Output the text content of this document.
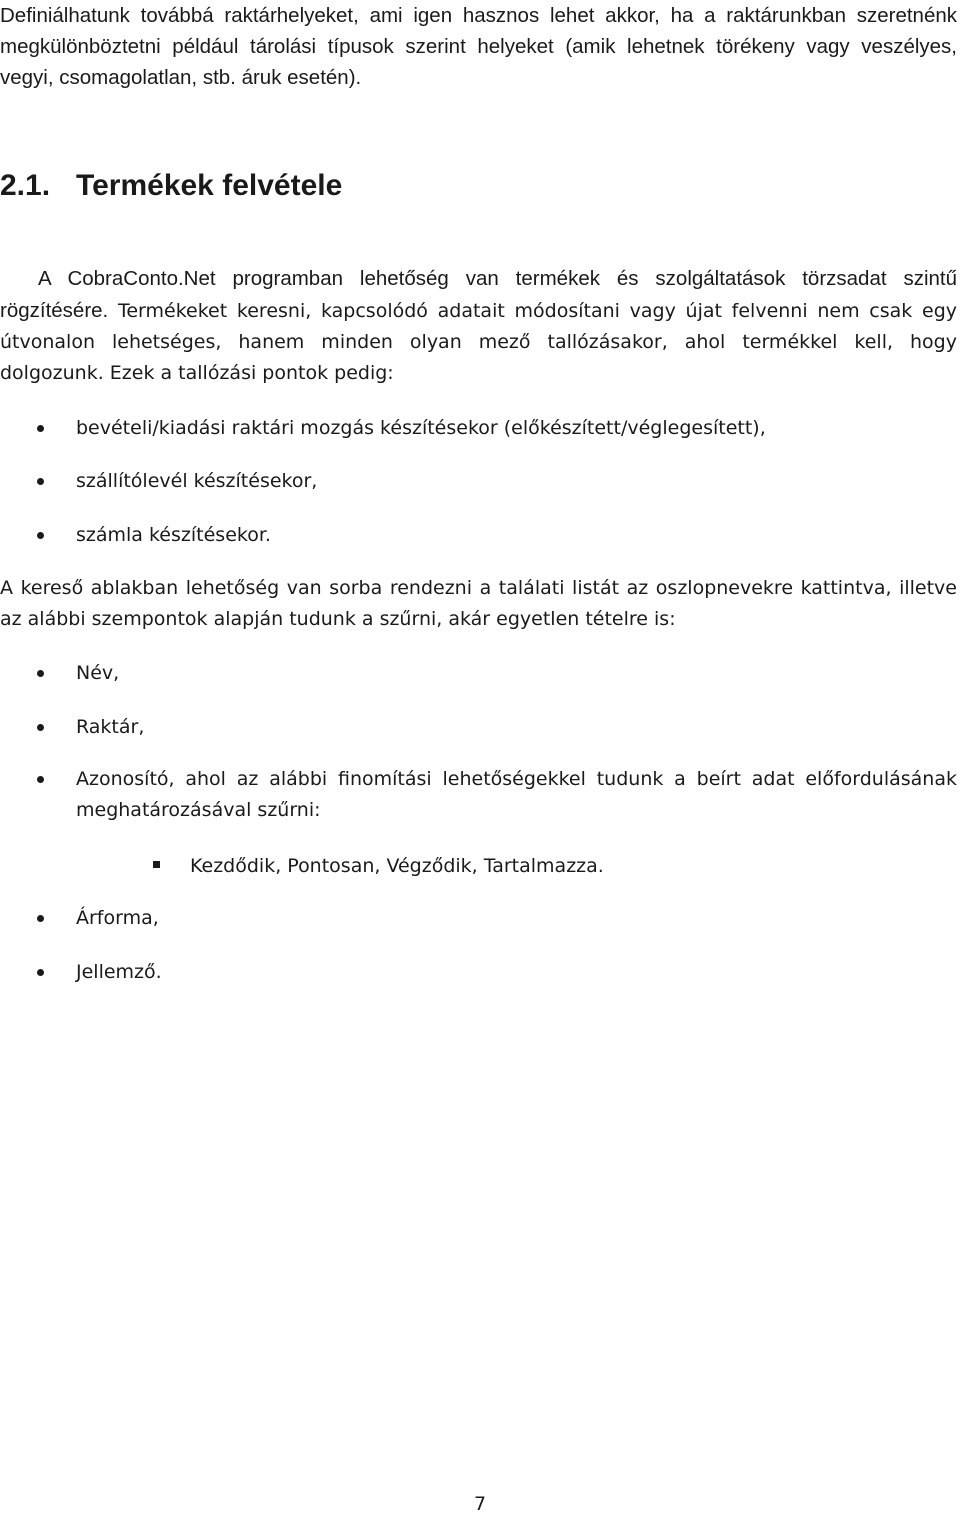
Definiálhatunk továbbá raktárhelyeket, ami igen hasznos lehet akkor, ha a raktárunkban szeretnénk megkülönböztetni például tárolási típusok szerint helyeket (amik lehetnek törékeny vagy veszélyes, vegyi, csomagolatlan, stb. áruk esetén).

2.1. Termékek felvétele

A CobraConto.Net programban lehetőség van termékek és szolgáltatások törzsadat szintű rögzítésére. Termékeket keresni, kapcsolódó adatait módosítani vagy újat felvenni nem csak egy útvonalon lehetséges, hanem minden olyan mező tallózásakor, ahol termékkel kell, hogy dolgozunk. Ezek a tallózási pontok pedig:

bevételi/kiadási raktári mozgás készítésekor (előkészített/véglegesített),
szállítólevél készítésekor,
számla készítésekor.

A kereső ablakban lehetőség van sorba rendezni a találati listát az oszlopnevekre kattintva, illetve az alábbi szempontok alapján tudunk a szűrni, akár egyetlen tételre is:

Név,
Raktár,
Azonosító, ahol az alábbi finomítási lehetőségekkel tudunk a beírt adat előfordulásának meghatározásával szűrni:
Kezdődik, Pontosan, Végződik, Tartalmazza.
Árforma,
Jellemző.
7
